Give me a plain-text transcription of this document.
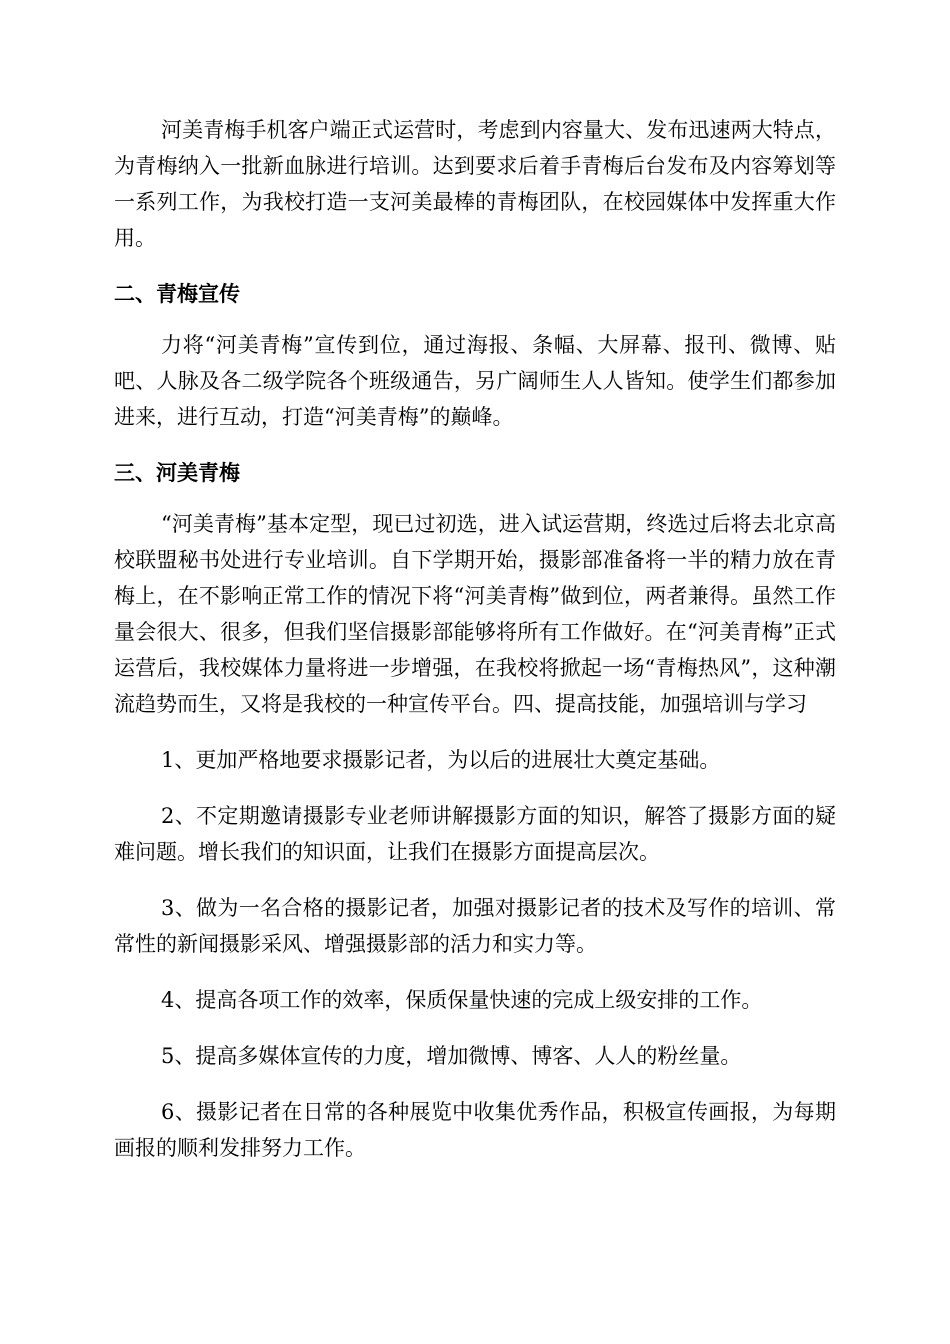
河美青梅手机客户端正式运营时，考虑到内容量大、发布迅速两大特点，为青梅纳入一批新血脉进行培训。达到要求后着手青梅后台发布及内容筹划等一系列工作，为我校打造一支河美最棒的青梅团队，在校园媒体中发挥重大作用。

二、青梅宣传

力将“河美青梅”宣传到位，通过海报、条幅、大屏幕、报刊、微博、贴吧、人脉及各二级学院各个班级通告，另广阔师生人人皆知。使学生们都参加进来，进行互动，打造“河美青梅”的巅峰。

三、河美青梅

“河美青梅”基本定型，现已过初选，进入试运营期，终选过后将去北京高校联盟秘书处进行专业培训。自下学期开始，摄影部准备将一半的精力放在青梅上，在不影响正常工作的情况下将“河美青梅”做到位，两者兼得。虽然工作量会很大、很多，但我们坚信摄影部能够将所有工作做好。在“河美青梅”正式运营后，我校媒体力量将进一步增强，在我校将掀起一场“青梅热风”，这种潮流趋势而生，又将是我校的一种宣传平台。四、提高技能，加强培训与学习

1、更加严格地要求摄影记者，为以后的进展壮大奠定基础。

2、不定期邀请摄影专业老师讲解摄影方面的知识，解答了摄影方面的疑难问题。增长我们的知识面，让我们在摄影方面提高层次。

3、做为一名合格的摄影记者，加强对摄影记者的技术及写作的培训、常常性的新闻摄影采风、增强摄影部的活力和实力等。

4、提高各项工作的效率，保质保量快速的完成上级安排的工作。

5、提高多媒体宣传的力度，增加微博、博客、人人的粉丝量。

6、摄影记者在日常的各种展览中收集优秀作品，积极宣传画报，为每期画报的顺利发排努力工作。
